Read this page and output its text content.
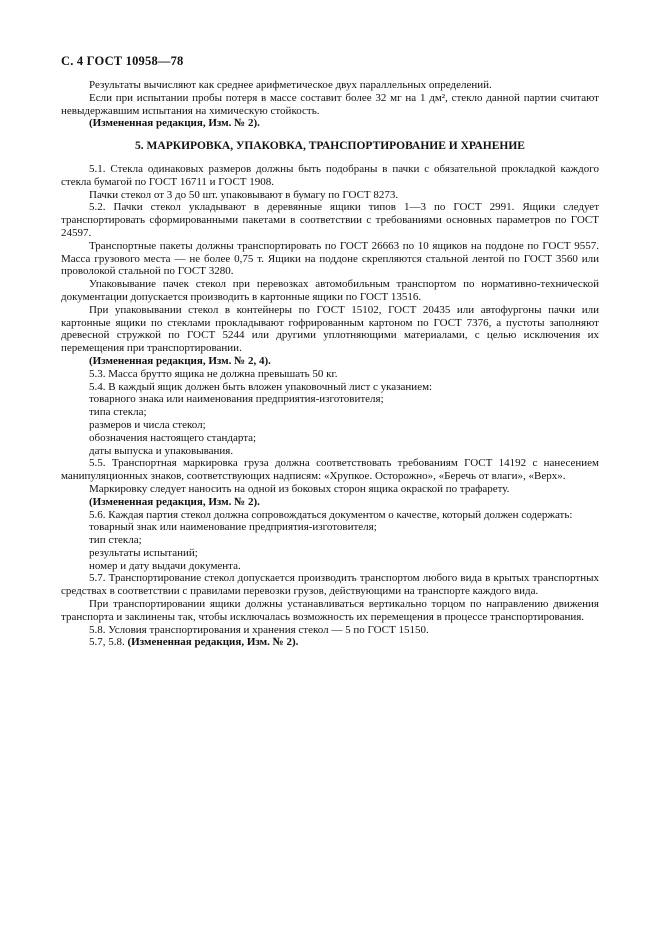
С. 4 ГОСТ 10958—78

Результаты вычисляют как среднее арифметическое двух параллельных определений.

Если при испытании пробы потеря в массе составит более 32 мг на 1 дм², стекло данной партии считают невыдержавшим испытания на химическую стойкость.

(Измененная редакция, Изм. № 2).

5. МАРКИРОВКА, УПАКОВКА, ТРАНСПОРТИРОВАНИЕ И ХРАНЕНИЕ

5.1. Стекла одинаковых размеров должны быть подобраны в пачки с обязательной прокладкой каждого стекла бумагой по ГОСТ 16711 и ГОСТ 1908.

Пачки стекол от 3 до 50 шт. упаковывают в бумагу по ГОСТ 8273.

5.2. Пачки стекол укладывают в деревянные ящики типов 1—3 по ГОСТ 2991. Ящики следует транспортировать сформированными пакетами в соответствии с требованиями основных параметров по ГОСТ 24597.

Транспортные пакеты должны транспортировать по ГОСТ 26663 по 10 ящиков на поддоне по ГОСТ 9557. Масса грузового места — не более 0,75 т. Ящики на поддоне скрепляются стальной лентой по ГОСТ 3560 или проволокой стальной по ГОСТ 3280.

Упаковывание пачек стекол при перевозках автомобильным транспортом по нормативно-технической документации допускается производить в картонные ящики по ГОСТ 13516.

При упаковывании стекол в контейнеры по ГОСТ 15102, ГОСТ 20435 или автофургоны пачки или картонные ящики по стеклами прокладывают гофрированным картоном по ГОСТ 7376, а пустоты заполняют древесной стружкой по ГОСТ 5244 или другими уплотняющими материалами, с целью исключения их перемещения при транспортировании.

(Измененная редакция, Изм. № 2, 4).

5.3. Масса брутто ящика не должна превышать 50 кг.

5.4. В каждый ящик должен быть вложен упаковочный лист с указанием:

товарного знака или наименования предприятия-изготовителя;

типа стекла;

размеров и числа стекол;

обозначения настоящего стандарта;

даты выпуска и упаковывания.

5.5. Транспортная маркировка груза должна соответствовать требованиям ГОСТ 14192 с нанесением манипуляционных знаков, соответствующих надписям: «Хрупкое. Осторожно», «Беречь от влаги», «Верх».

Маркировку следует наносить на одной из боковых сторон ящика окраской по трафарету.

(Измененная редакция, Изм. № 2).

5.6. Каждая партия стекол должна сопровождаться документом о качестве, который должен содержать:

товарный знак или наименование предприятия-изготовителя;

тип стекла;

результаты испытаний;

номер и дату выдачи документа.

5.7. Транспортирование стекол допускается производить транспортом любого вида в крытых транспортных средствах в соответствии с правилами перевозки грузов, действующими на транспорте каждого вида.

При транспортировании ящики должны устанавливаться вертикально торцом по направлению движения транспорта и заклинены так, чтобы исключалась возможность их перемещения в процессе транспортирования.

5.8. Условия транспортирования и хранения стекол — 5 по ГОСТ 15150.

5.7, 5.8. (Измененная редакция, Изм. № 2).
